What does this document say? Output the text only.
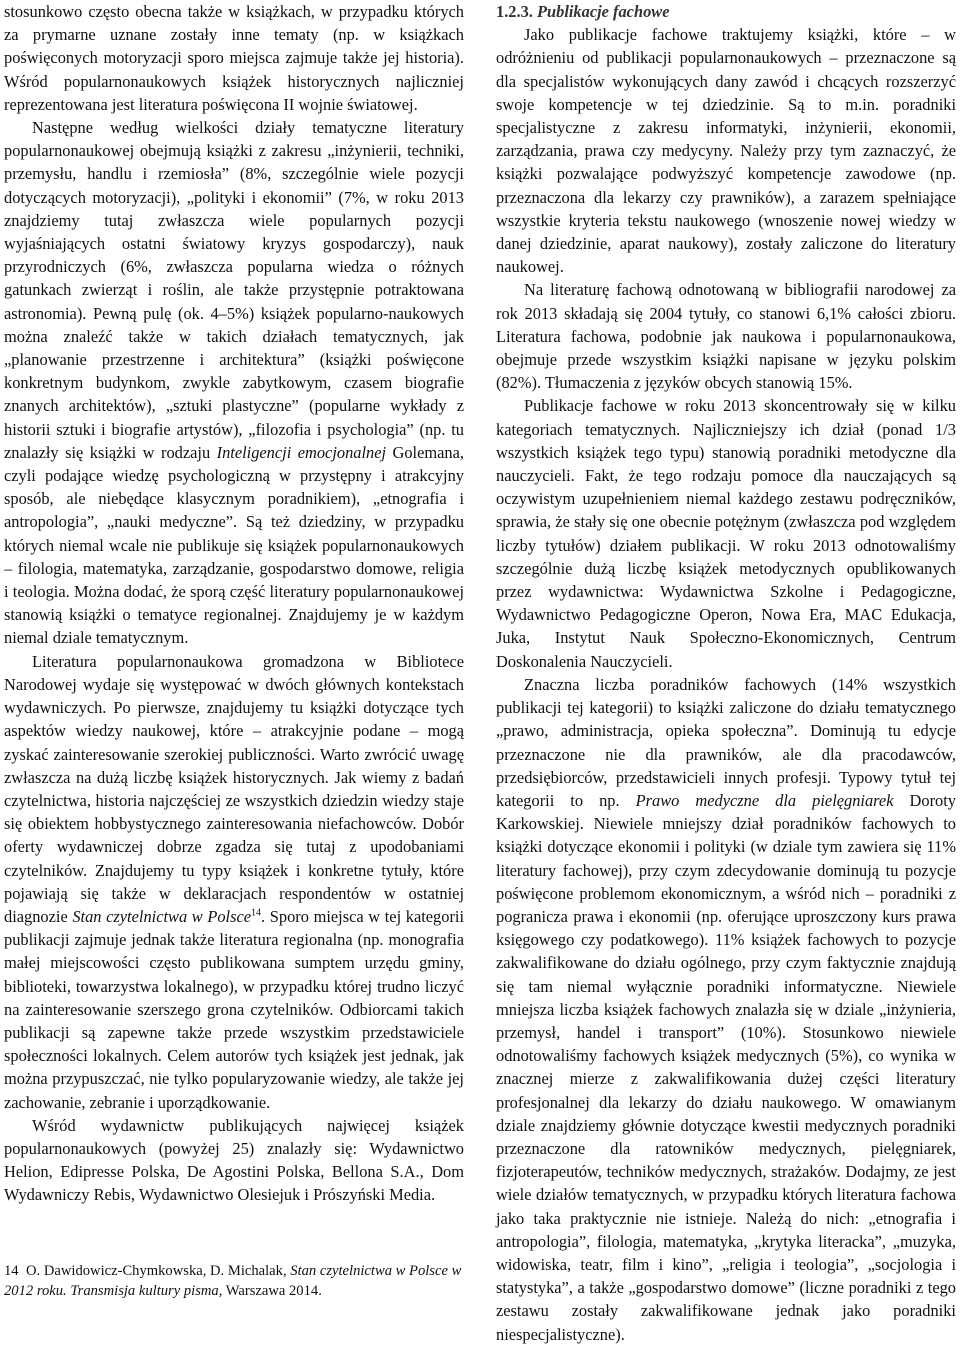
stosunkowo często obecna także w książkach, w przypadku których za prymarne uznane zostały inne tematy (np. w książkach poświęconych motoryzacji sporo miejsca zajmuje także jej historia). Wśród popularnonaukowych książek historycznych najliczniej reprezentowana jest literatura poświęcona II wojnie światowej.

Następne według wielkości działy tematyczne literatury popularnonaukowej obejmują książki z zakresu „inżynierii, techniki, przemysłu, handlu i rzemiosła” (8%, szczególnie wiele pozycji dotyczących motoryzacji), „polityki i ekonomii” (7%, w roku 2013 znajdziemy tutaj zwłaszcza wiele popularnych pozycji wyjaśniających ostatni światowy kryzys gospodarczy), nauk przyrodniczych (6%, zwłaszcza popularna wiedza o różnych gatunkach zwierząt i roślin, ale także przystępnie potraktowana astronomia). Pewną pulę (ok. 4–5%) książek popularno-naukowych można znaleźć także w takich działach tematycznych, jak „planowanie przestrzenne i architektura” (książki poświęcone konkretnym budynkom, zwykle zabytkowym, czasem biografie znanych architektów), „sztuki plastyczne” (popularne wykłady z historii sztuki i biografie artystów), „filozofia i psychologia” (np. tu znalazły się książki w rodzaju Inteligencji emocjonalnej Golemana, czyli podające wiedzę psychologiczną w przystępny i atrakcyjny sposób, ale niebędące klasycznym poradnikiem), „etnografia i antropologia”, „nauki medyczne”. Są też dziedziny, w przypadku których niemal wcale nie publikuje się książek popularnonaukowych – filologia, matematyka, zarządzanie, gospodarstwo domowe, religia i teologia. Można dodać, że sporą część literatury popularnonaukowej stanowią książki o tematyce regionalnej. Znajdujemy je w każdym niemal dziale tematycznym.

Literatura popularnonaukowa gromadzona w Bibliotece Narodowej wydaje się występować w dwóch głównych kontekstach wydawniczych. Po pierwsze, znajdujemy tu książki dotyczące tych aspektów wiedzy naukowej, które – atrakcyjnie podane – mogą zyskać zainteresowanie szerokiej publiczności. Warto zwrócić uwagę zwłaszcza na dużą liczbę książek historycznych. Jak wiemy z badań czytelnictwa, historia najczęściej ze wszystkich dziedzin wiedzy staje się obiektem hobbystycznego zainteresowania niefachowców. Dobór oferty wydawniczej dobrze zgadza się tutaj z upodobaniami czytelników. Znajdujemy tu typy książek i konkretne tytuły, które pojawiają się także w deklaracjach respondentów w ostatniej diagnozie Stan czytelnictwa w Polsce$^{14}$. Sporo miejsca w tej kategorii publikacji zajmuje jednak także literatura regionalna (np. monografia małej miejscowości często publikowana sumptem urzędu gminy, biblioteki, towarzystwa lokalnego), w przypadku której trudno liczyć na zainteresowanie szerszego grona czytelników. Odbiorcami takich publikacji są zapewne także przede wszystkim przedstawiciele społeczności lokalnych. Celem autorów tych książek jest jednak, jak można przypuszczać, nie tylko popularyzowanie wiedzy, ale także jej zachowanie, zebranie i uporządkowanie.

Wśród wydawnictw publikujących najwięcej książek popularnonaukowych (powyżej 25) znalazły się: Wydawnictwo Helion, Edipresse Polska, De Agostini Polska, Bellona S.A., Dom Wydawniczy Rebis, Wydawnictwo Olesiejuk i Prószyński Media.

1.2.3. Publikacje fachowe

Jako publikacje fachowe traktujemy książki, które – w odróżnieniu od publikacji popularnonaukowych – przeznaczone są dla specjalistów wykonujących dany zawód i chcących rozszerzyć swoje kompetencje w tej dziedzinie. Są to m.in. poradniki specjalistyczne z zakresu informatyki, inżynierii, ekonomii, zarządzania, prawa czy medycyny. Należy przy tym zaznaczyć, że książki pozwalające podwyższyć kompetencje zawodowe (np. przeznaczona dla lekarzy czy prawników), a zarazem spełniające wszystkie kryteria tekstu naukowego (wnoszenie nowej wiedzy w danej dziedzinie, aparat naukowy), zostały zaliczone do literatury naukowej.

Na literaturę fachową odnotowaną w bibliografii narodowej za rok 2013 składają się 2004 tytuły, co stanowi 6,1% całości zbioru. Literatura fachowa, podobnie jak naukowa i popularnonaukowa, obejmuje przede wszystkim książki napisane w języku polskim (82%). Tłumaczenia z języków obcych stanowią 15%.

Publikacje fachowe w roku 2013 skoncentrowały się w kilku kategoriach tematycznych. Najliczniejszy ich dział (ponad 1/3 wszystkich książek tego typu) stanowią poradniki metodyczne dla nauczycieli. Fakt, że tego rodzaju pomoce dla nauczających są oczywistym uzupełnieniem niemal każdego zestawu podręczników, sprawia, że stały się one obecnie potężnym (zwłaszcza pod względem liczby tytułów) działem publikacji. W roku 2013 odnotowaliśmy szczególnie dużą liczbę książek metodycznych opublikowanych przez wydawnictwa: Wydawnictwa Szkolne i Pedagogiczne, Wydawnictwo Pedagogiczne Operon, Nowa Era, MAC Edukacja, Juka, Instytut Nauk Społeczno-Ekonomicznych, Centrum Doskonalenia Nauczycieli.

Znaczna liczba poradników fachowych (14% wszystkich publikacji tej kategorii) to książki zaliczone do działu tematycznego „prawo, administracja, opieka społeczna”. Dominują tu edycje przeznaczone nie dla prawników, ale dla pracodawców, przedsiębiorców, przedstawicieli innych profesji. Typowy tytuł tej kategorii to np. Prawo medyczne dla pielęgniarek Doroty Karkowskiej. Niewiele mniejszy dział poradników fachowych to książki dotyczące ekonomii i polityki (w dziale tym zawiera się 11% literatury fachowej), przy czym zdecydowanie dominują tu pozycje poświęcone problemom ekonomicznym, a wśród nich – poradniki z pogranicza prawa i ekonomii (np. oferujące uproszczony kurs prawa księgowego czy podatkowego). 11% książek fachowych to pozycje zakwalifikowane do działu ogólnego, przy czym faktycznie znajdują się tam niemal wyłącznie poradniki informatyczne. Niewiele mniejsza liczba książek fachowych znalazła się w dziale „inżynieria, przemysł, handel i transport” (10%). Stosunkowo niewiele odnotowaliśmy fachowych książek medycznych (5%), co wynika w znacznej mierze z zakwalifikowania dużej części literatury profesjonalnej dla lekarzy do działu naukowego. W omawianym dziale znajdziemy głównie dotyczące kwestii medycznych poradniki przeznaczone dla ratowników medycznych, pielęgniarek, fizjoterapeutów, techników medycznych, strażaków. Dodajmy, ze jest wiele działów tematycznych, w przypadku których literatura fachowa jako taka praktycznie nie istnieje. Należą do nich: „etnografia i antropologia”, filologia, matematyka, „krytyka literacka”, „muzyka, widowiska, teatr, film i kino”, „religia i teologia”, „socjologia i statystyka”, a także „gospodarstwo domowe” (liczne poradniki z tego zestawu zostały zakwalifikowane jednak jako poradniki niespecjalistyczne).

14 O. Dawidowicz-Chymkowska, D. Michalak, Stan czytelnictwa w Polsce w 2012 roku. Transmisja kultury pisma, Warszawa 2014.
